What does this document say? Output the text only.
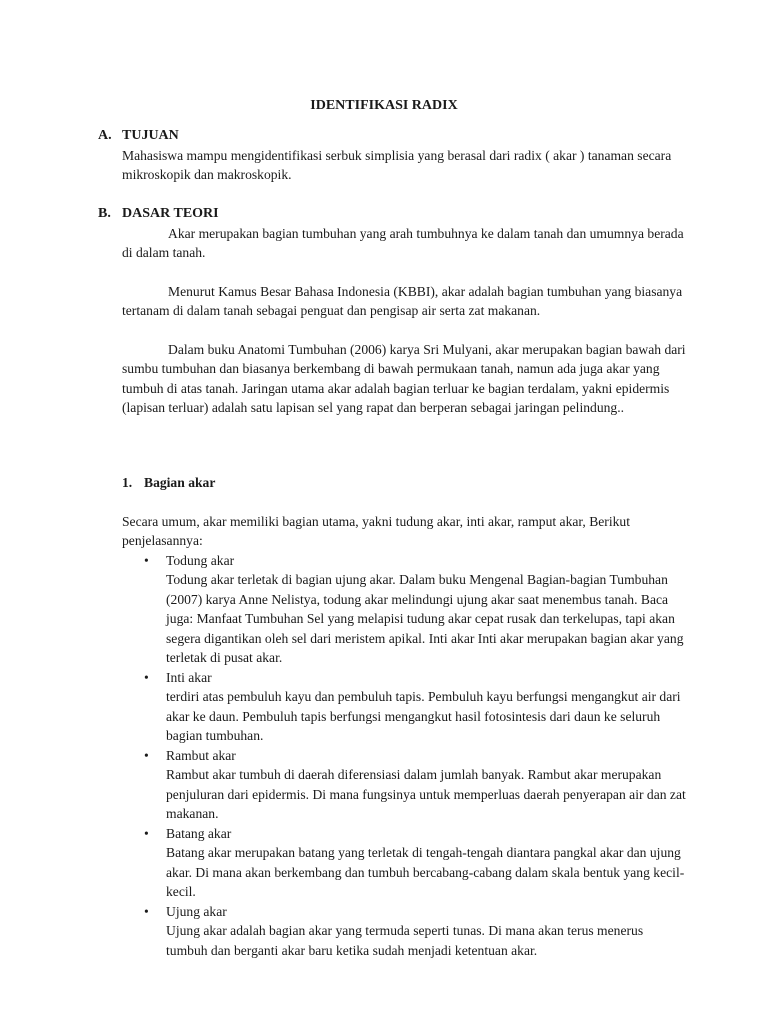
IDENTIFIKASI RADIX
A. TUJUAN

Mahasiswa mampu mengidentifikasi serbuk simplisia yang berasal dari radix ( akar ) tanaman secara mikroskopik dan makroskopik.

B. DASAR TEORI

Akar merupakan bagian tumbuhan yang arah tumbuhnya ke dalam tanah dan umumnya berada di dalam tanah.

Menurut Kamus Besar Bahasa Indonesia (KBBI), akar adalah bagian tumbuhan yang biasanya tertanam di dalam tanah sebagai penguat dan pengisap air serta zat makanan.

Dalam buku Anatomi Tumbuhan (2006) karya Sri Mulyani, akar merupakan bagian bawah dari sumbu tumbuhan dan biasanya berkembang di bawah permukaan tanah, namun ada juga akar yang tumbuh di atas tanah. Jaringan utama akar adalah bagian terluar ke bagian terdalam, yakni epidermis (lapisan terluar) adalah satu lapisan sel yang rapat dan berperan sebagai jaringan pelindung..

1. Bagian akar

Secara umum, akar memiliki bagian utama, yakni tudung akar, inti akar, ramput akar, Berikut penjelasannya:

• Todung akar
Todung akar terletak di bagian ujung akar. Dalam buku Mengenal Bagian-bagian Tumbuhan (2007) karya Anne Nelistya, todung akar melindungi ujung akar saat menembus tanah. Baca juga: Manfaat Tumbuhan Sel yang melapisi tudung akar cepat rusak dan terkelupas, tapi akan segera digantikan oleh sel dari meristem apikal. Inti akar Inti akar merupakan bagian akar yang terletak di pusat akar.
• Inti akar
terdiri atas pembuluh kayu dan pembuluh tapis. Pembuluh kayu berfungsi mengangkut air dari akar ke daun. Pembuluh tapis berfungsi mengangkut hasil fotosintesis dari daun ke seluruh bagian tumbuhan.
• Rambut akar
Rambut akar tumbuh di daerah diferensiasi dalam jumlah banyak. Rambut akar merupakan penjuluran dari epidermis. Di mana fungsinya untuk memperluas daerah penyerapan air dan zat makanan.
• Batang akar
Batang akar merupakan batang yang terletak di tengah-tengah diantara pangkal akar dan ujung akar. Di mana akan berkembang dan tumbuh bercabang-cabang dalam skala bentuk yang kecil-kecil.
• Ujung akar
Ujung akar adalah bagian akar yang termuda seperti tunas. Di mana akan terus menerus tumbuh dan berganti akar baru ketika sudah menjadi ketentuan akar.
